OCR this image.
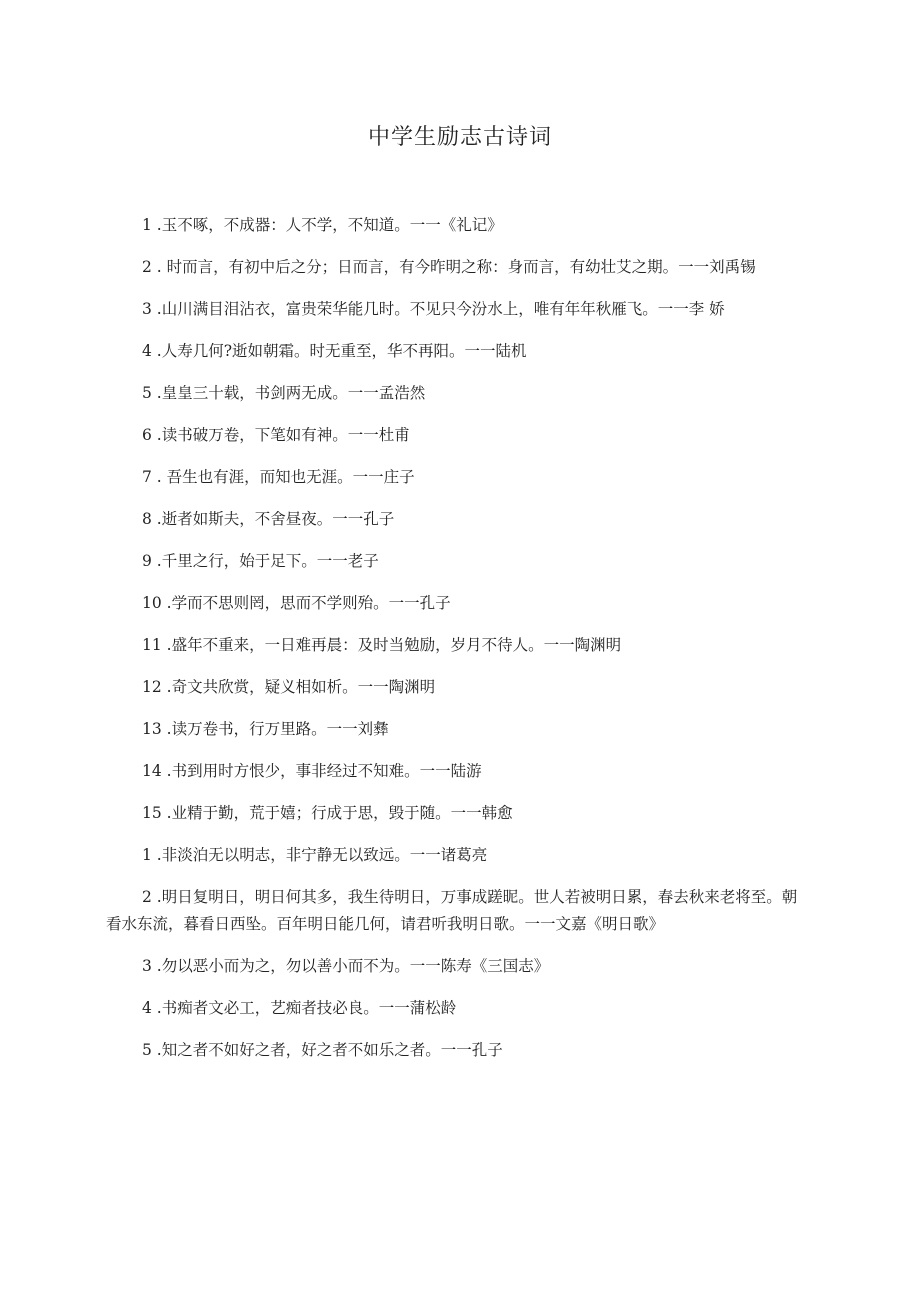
中学生励志古诗词

1 .玉不啄，不成器：人不学，不知道。一一《礼记》

2 . 时而言，有初中后之分；日而言，有今昨明之称：身而言，有幼壮艾之期。一一刘禹锡

3 .山川满目泪沾衣，富贵荣华能几时。不见只今汾水上，唯有年年秋雁飞。一一李 娇

4 .人寿几何?逝如朝霜。时无重至，华不再阳。一一陆机

5 .皇皇三十载，书剑两无成。一一孟浩然

6 .读书破万卷，下笔如有神。一一杜甫

7 . 吾生也有涯，而知也无涯。一一庄子

8 .逝者如斯夫，不舍昼夜。一一孔子

9 .千里之行，始于足下。一一老子

10 .学而不思则罔，思而不学则殆。一一孔子

11 .盛年不重来，一日难再晨：及时当勉励，岁月不待人。一一陶渊明

12 .奇文共欣赏，疑义相如析。一一陶渊明

13 .读万卷书，行万里路。一一刘彝

14 .书到用时方恨少，事非经过不知难。一一陆游

15 .业精于勤，荒于嬉；行成于思，毁于随。一一韩愈

1 .非淡泊无以明志，非宁静无以致远。一一诸葛亮

2 .明日复明日，明日何其多，我生待明日，万事成蹉昵。世人若被明日累，春去秋来老将至。朝看水东流，暮看日西坠。百年明日能几何，请君听我明日歌。一一文嘉《明日歌》

3 .勿以恶小而为之，勿以善小而不为。一一陈寿《三国志》

4 .书痴者文必工，艺痴者技必良。一一蒲松龄

5 .知之者不如好之者，好之者不如乐之者。一一孔子
